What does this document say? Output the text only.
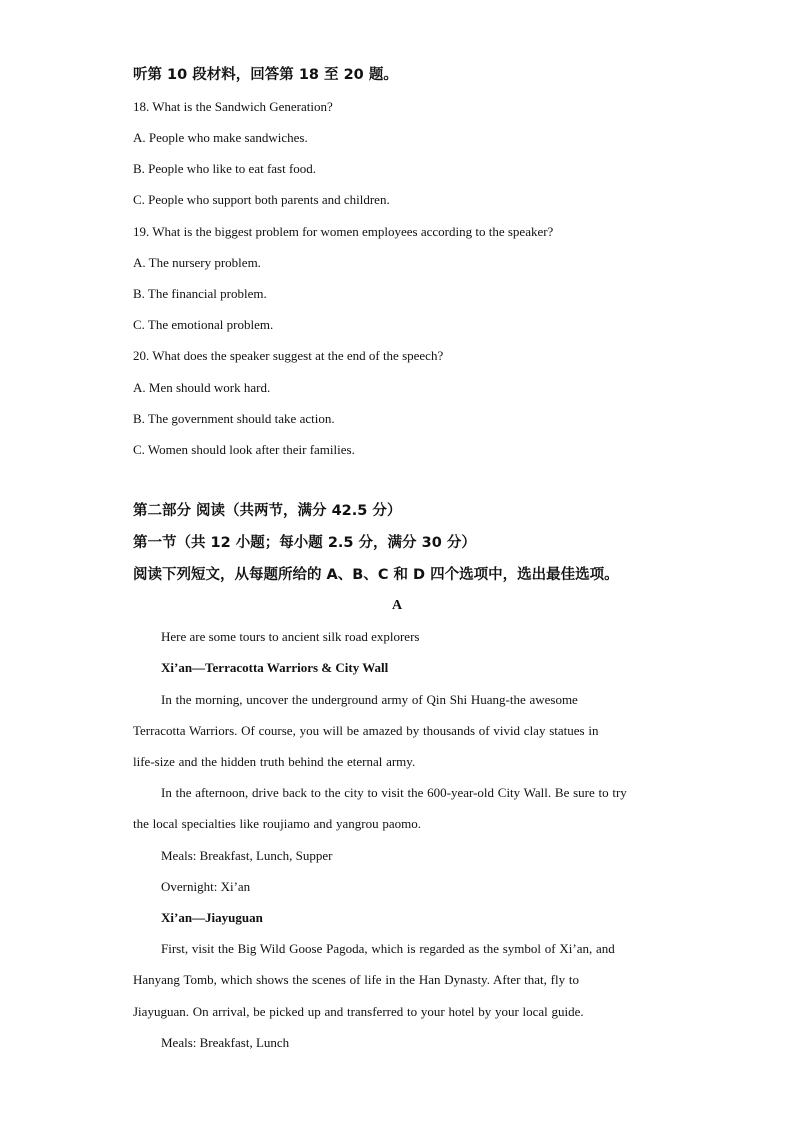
听第 10 段材料，回答第 18 至 20 题。
18. What is the Sandwich Generation?
A. People who make sandwiches.
B. People who like to eat fast food.
C. People who support both parents and children.
19. What is the biggest problem for women employees according to the speaker?
A. The nursery problem.
B. The financial problem.
C. The emotional problem.
20. What does the speaker suggest at the end of the speech?
A. Men should work hard.
B. The government should take action.
C. Women should look after their families.
第二部分 阅读（共两节，满分 42.5 分）
第一节（共 12 小题；每小题 2.5 分，满分 30 分）
阅读下列短文，从每题所给的 A、B、C 和 D 四个选项中，选出最佳选项。
A
Here are some tours to ancient silk road explorers
Xi’an—Terracotta Warriors & City Wall
In the morning, uncover the underground army of Qin Shi Huang-the awesome
Terracotta Warriors. Of course, you will be amazed by thousands of vivid clay statues in
life-size and the hidden truth behind the eternal army.
In the afternoon, drive back to the city to visit the 600-year-old City Wall. Be sure to try
the local specialties like roujiamo and yangrou paomo.
Meals: Breakfast, Lunch, Supper
Overnight: Xi’an
Xi’an—Jiayuguan
First, visit the Big Wild Goose Pagoda, which is regarded as the symbol of Xi’an, and
Hanyang Tomb, which shows the scenes of life in the Han Dynasty. After that, fly to
Jiayuguan. On arrival, be picked up and transferred to your hotel by your local guide.
Meals: Breakfast, Lunch
